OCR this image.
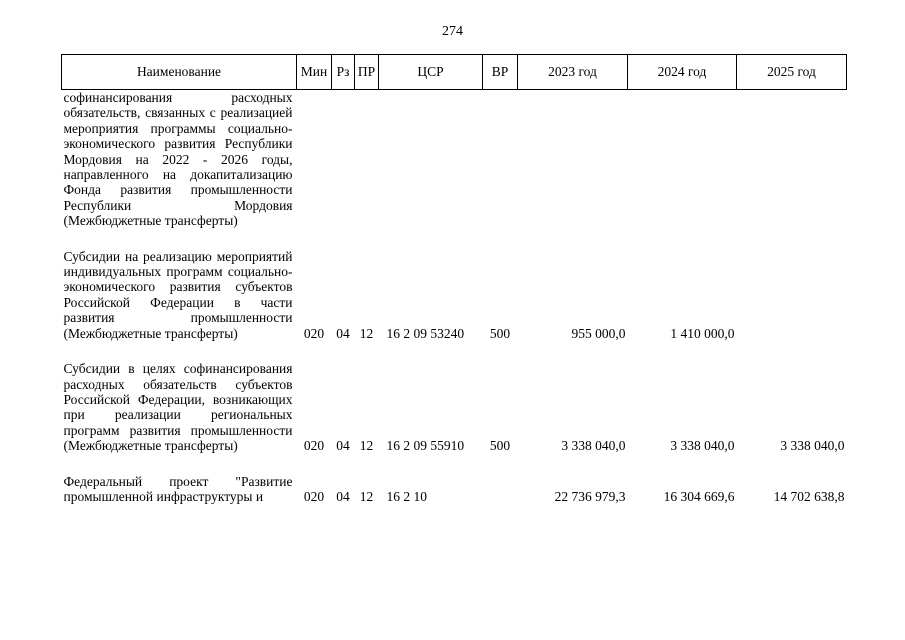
274
Наименование	Мин	Рз	ПР	ЦСР	ВР	2023 год	2024 год	2025 год
софинансирования расходных обязательств, связанных с реализацией мероприятия программы социально-экономического развития Республики Мордовия на 2022 - 2026 годы, направленного на докапитализацию Фонда развития промышленности Республики Мордовия (Межбюджетные трансферты)								

Субсидии на реализацию мероприятий индивидуальных программ социально-экономического развития субъектов Российской Федерации в части развития промышленности (Межбюджетные трансферты)	020	04	12	16 2 09 53240	500	955 000,0	1 410 000,0	

Субсидии в целях софинансирования расходных обязательств субъектов Российской Федерации, возникающих при реализации региональных программ развития промышленности (Межбюджетные трансферты)	020	04	12	16 2 09 55910	500	3 338 040,0	3 338 040,0	3 338 040,0

Федеральный проект "Развитие промышленной инфраструктуры и	020	04	12	16 2 10		22 736 979,3	16 304 669,6	14 702 638,8
